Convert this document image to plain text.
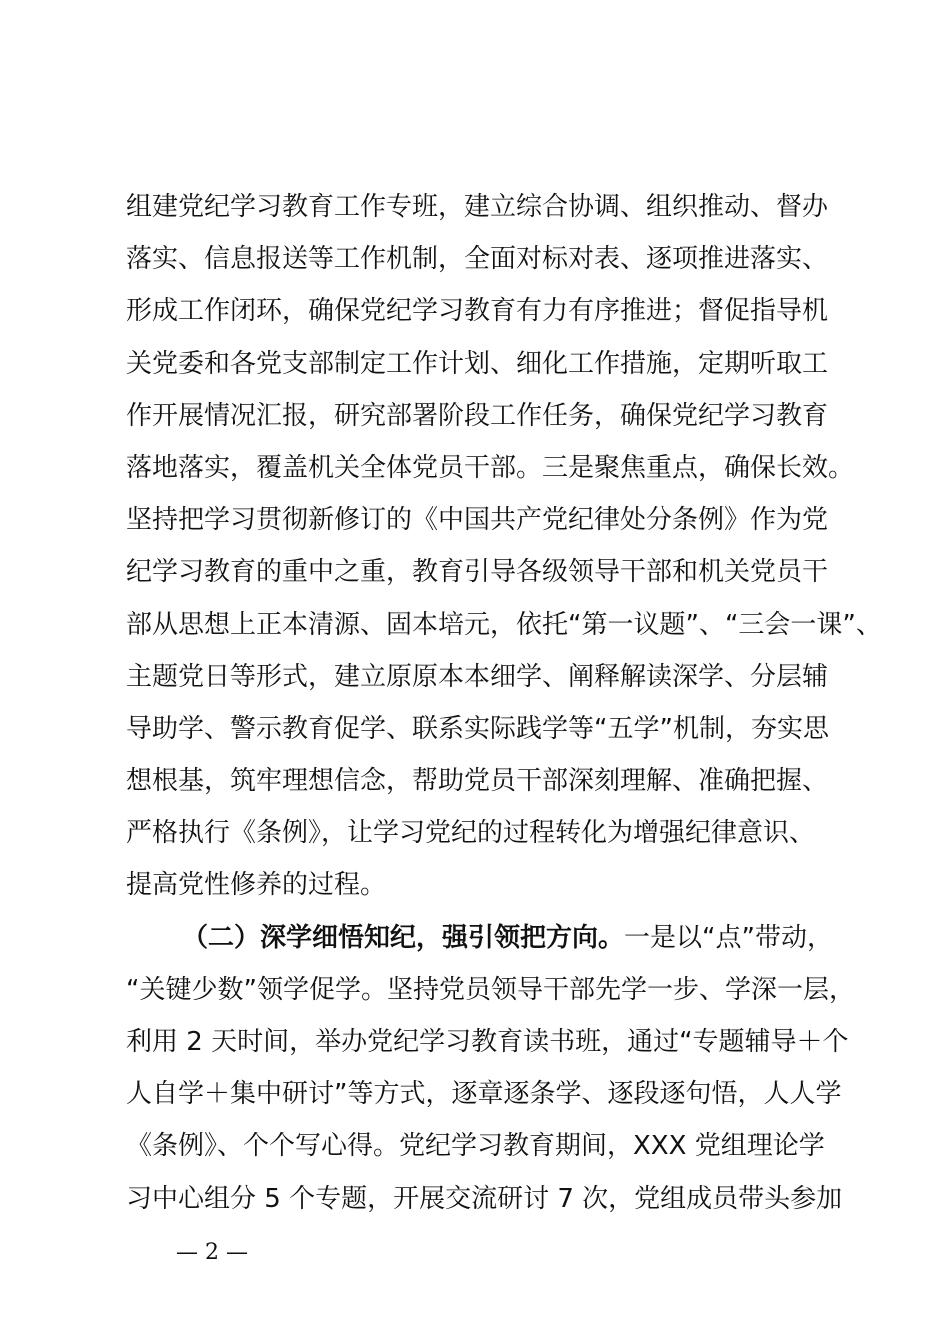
组建党纪学习教育工作专班，建立综合协调、组织推动、督办
落实、信息报送等工作机制，全面对标对表、逐项推进落实、
形成工作闭环，确保党纪学习教育有力有序推进；督促指导机
关党委和各党支部制定工作计划、细化工作措施，定期听取工
作开展情况汇报，研究部署阶段工作任务，确保党纪学习教育
落地落实，覆盖机关全体党员干部。三是聚焦重点，确保长效。
坚持把学习贯彻新修订的《中国共产党纪律处分条例》作为党
纪学习教育的重中之重，教育引导各级领导干部和机关党员干
部从思想上正本清源、固本培元，依托“第一议题”、“三会一课”、
主题党日等形式，建立原原本本细学、阐释解读深学、分层辅
导助学、警示教育促学、联系实际践学等“五学”机制，夯实思
想根基，筑牢理想信念，帮助党员干部深刻理解、准确把握、
严格执行《条例》，让学习党纪的过程转化为增强纪律意识、
提高党性修养的过程。
（二）深学细悟知纪，强引领把方向。一是以“点”带动，
“关键少数”领学促学。坚持党员领导干部先学一步、学深一层，
利用 2 天时间，举办党纪学习教育读书班，通过“专题辅导＋个
人自学＋集中研讨”等方式，逐章逐条学、逐段逐句悟，人人学
《条例》、个个写心得。党纪学习教育期间，XXX 党组理论学
习中心组分 5 个专题，开展交流研讨 7 次，党组成员带头参加
— 2 —
